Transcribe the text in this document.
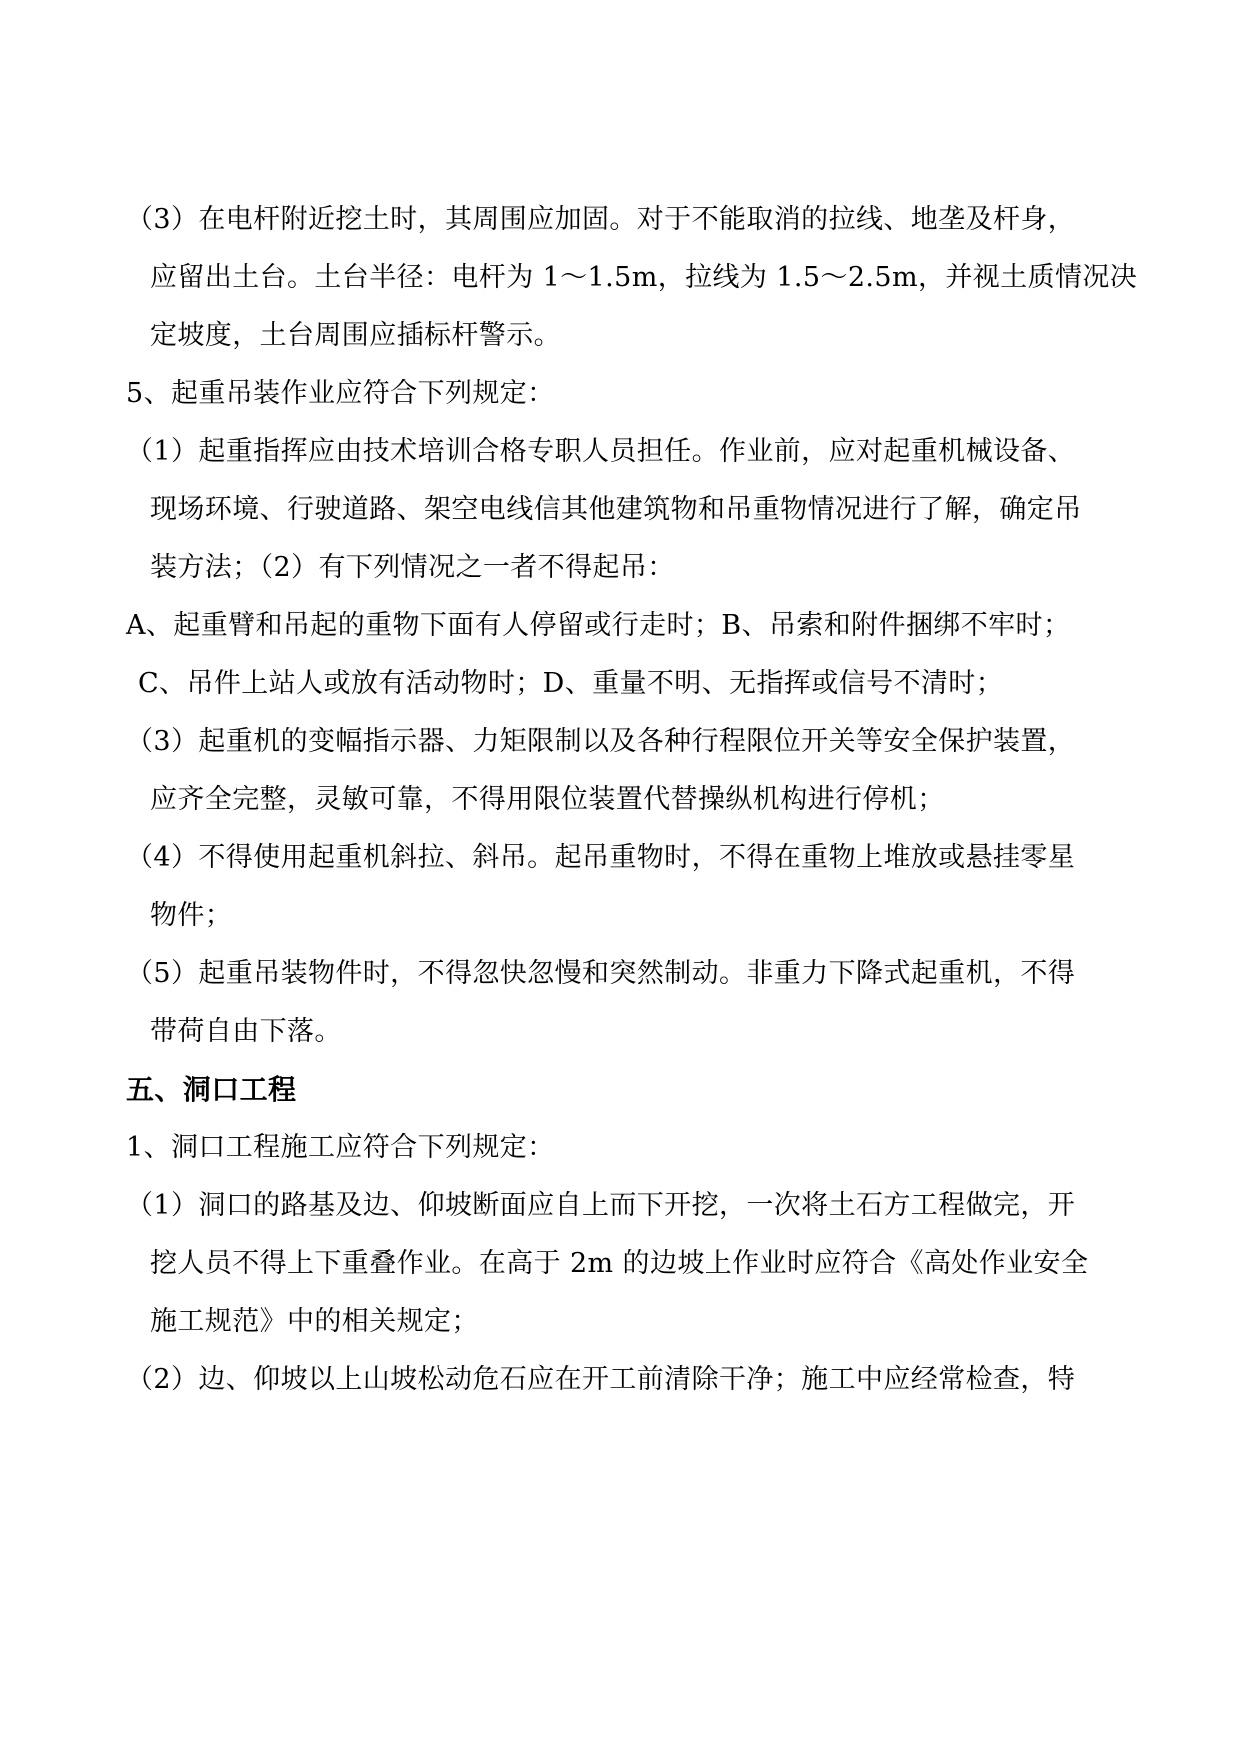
（3）在电杆附近挖土时，其周围应加固。对于不能取消的拉线、地垄及杆身，
应留出土台。土台半径：电杆为 1～1.5m，拉线为 1.5～2.5m，并视土质情况决
定坡度，土台周围应插标杆警示。
5、起重吊装作业应符合下列规定：
（1）起重指挥应由技术培训合格专职人员担任。作业前，应对起重机械设备、
现场环境、行驶道路、架空电线信其他建筑物和吊重物情况进行了解，确定吊
装方法；（2）有下列情况之一者不得起吊：
A、起重臂和吊起的重物下面有人停留或行走时；B、吊索和附件捆绑不牢时；
C、吊件上站人或放有活动物时；D、重量不明、无指挥或信号不清时；
（3）起重机的变幅指示器、力矩限制以及各种行程限位开关等安全保护装置，
应齐全完整，灵敏可靠，不得用限位装置代替操纵机构进行停机；
（4）不得使用起重机斜拉、斜吊。起吊重物时，不得在重物上堆放或悬挂零星
物件；
（5）起重吊装物件时，不得忽快忽慢和突然制动。非重力下降式起重机，不得
带荷自由下落。
五、洞口工程
1、洞口工程施工应符合下列规定：
（1）洞口的路基及边、仰坡断面应自上而下开挖，一次将土石方工程做完，开
挖人员不得上下重叠作业。在高于 2m 的边坡上作业时应符合《高处作业安全
施工规范》中的相关规定；
（2）边、仰坡以上山坡松动危石应在开工前清除干净；施工中应经常检查，特
